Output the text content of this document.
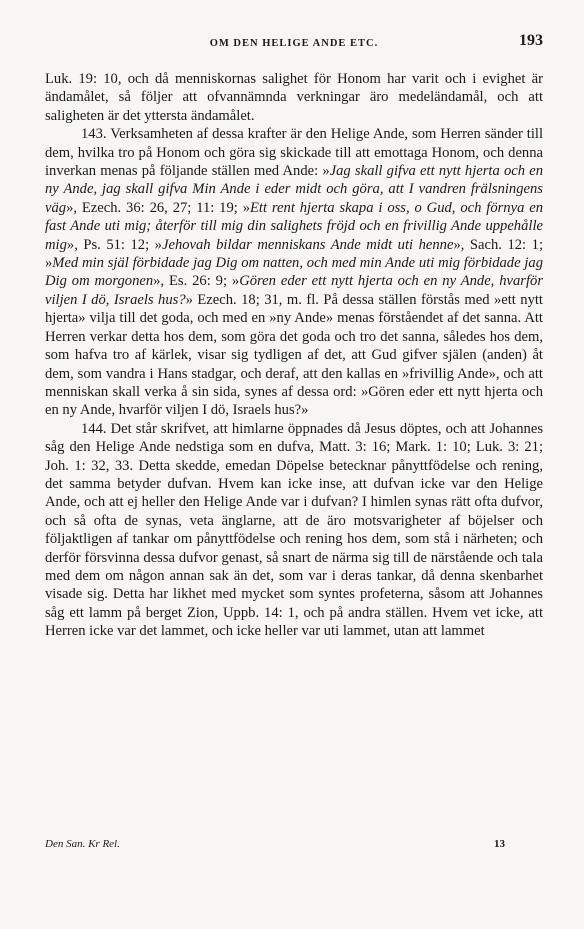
OM DEN HELIGE ANDE ETC.	193

Luk. 19: 10, och då menniskornas salighet för Honom har varit och i evighet är ändamålet, så följer att ofvannämnda verkningar äro medeländamål, och att saligheten är det yttersta ändamålet.

143. Verksamheten af dessa krafter är den Helige Ande, som Herren sänder till dem, hvilka tro på Honom och göra sig skickade till att emottaga Honom, och denna inverkan menas på följande ställen med Ande: »Jag skall gifva ett nytt hjerta och en ny Ande, jag skall gifva Min Ande i eder midt och göra, att I vandren frälsningens väg», Ezech. 36: 26, 27; 11: 19; »Ett rent hjerta skapa i oss, o Gud, och förnya en fast Ande uti mig; återför till mig din salighets fröjd och en frivillig Ande uppehålle mig», Ps. 51: 12; »Jehovah bildar menniskans Ande midt uti henne», Sach. 12: 1; »Med min själ förbidade jag Dig om natten, och med min Ande uti mig förbidade jag Dig om morgonen», Es. 26: 9; »Gören eder ett nytt hjerta och en ny Ande, hvarför viljen I dö, Israels hus?» Ezech. 18; 31, m. fl. På dessa ställen förstås med »ett nytt hjerta» vilja till det goda, och med en »ny Ande» menas förståendet af det sanna. Att Herren verkar detta hos dem, som göra det goda och tro det sanna, således hos dem, som hafva tro af kärlek, visar sig tydligen af det, att Gud gifver själen (anden) åt dem, som vandra i Hans stadgar, och deraf, att den kallas en »frivillig Ande», och att menniskan skall verka å sin sida, synes af dessa ord: »Gören eder ett nytt hjerta och en ny Ande, hvarför viljen I dö, Israels hus?»

144. Det står skrifvet, att himlarne öppnades då Jesus döptes, och att Johannes såg den Helige Ande nedstiga som en dufva, Matt. 3: 16; Mark. 1: 10; Luk. 3: 21; Joh. 1: 32, 33. Detta skedde, emedan Döpelse betecknar pånyttfödelse och rening, det samma betyder dufvan. Hvem kan icke inse, att dufvan icke var den Helige Ande, och att ej heller den Helige Ande var i dufvan? I himlen synas rätt ofta dufvor, och så ofta de synas, veta änglarne, att de äro motsvarigheter af böjelser och följaktligen af tankar om pånyttfödelse och rening hos dem, som stå i närheten; och derför försvinna dessa dufvor genast, så snart de närma sig till de närstående och tala med dem om någon annan sak än det, som var i deras tankar, då denna skenbarhet visade sig. Detta har likhet med mycket som syntes profeterna, såsom att Johannes såg ett lamm på berget Zion, Uppb. 14: 1, och på andra ställen. Hvem vet icke, att Herren icke var det lammet, och icke heller var uti lammet, utan att lammet

Den San. Kr Rel.	13
